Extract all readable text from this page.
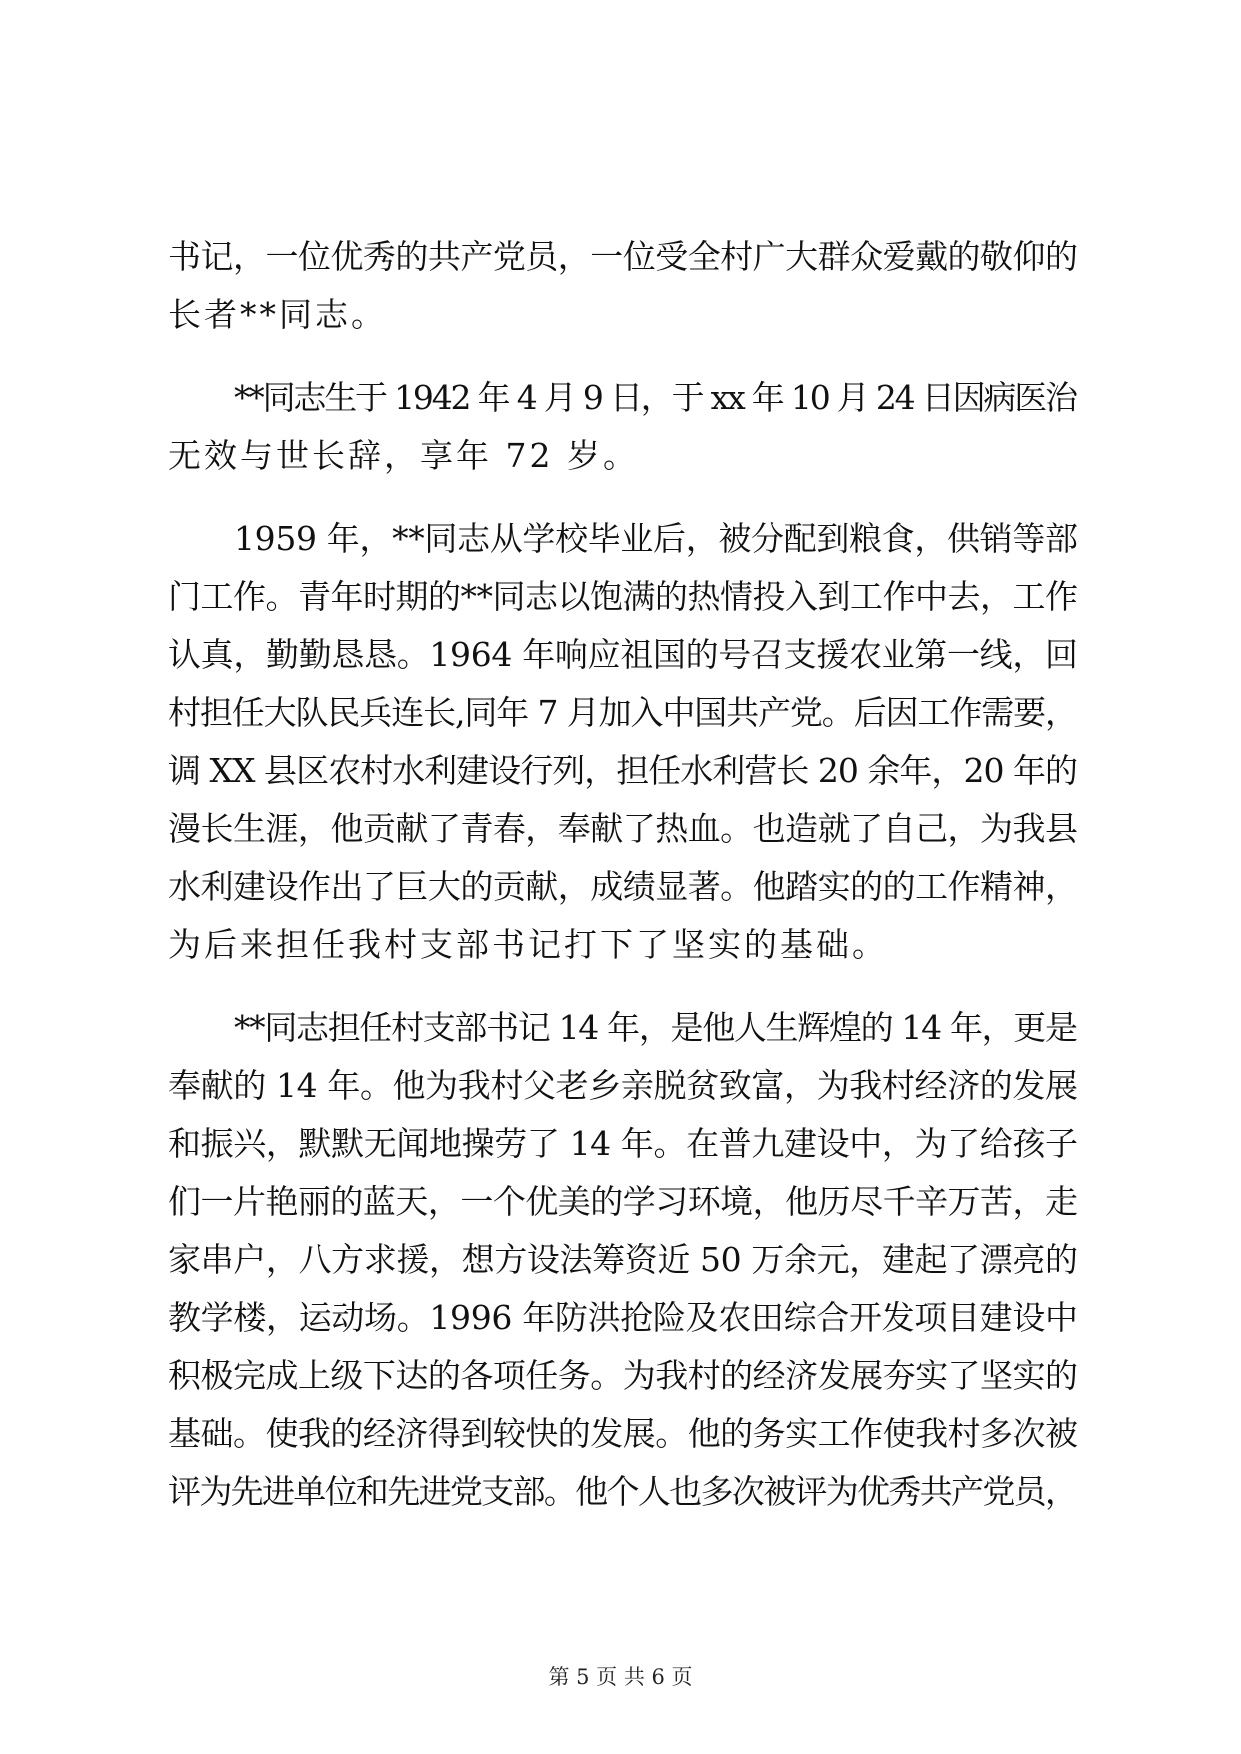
书记，一位优秀的共产党员，一位受全村广大群众爱戴的敬仰的
长者**同志。
**同志生于 1942 年 4 月 9 日，于 xx 年 10 月 24 日因病医治
无效与世长辞，享年 72 岁。
1959 年，**同志从学校毕业后，被分配到粮食，供销等部
门工作。青年时期的**同志以饱满的热情投入到工作中去，工作
认真，勤勤恳恳。1964 年响应祖国的号召支援农业第一线，回
村担任大队民兵连长,同年 7 月加入中国共产党。后因工作需要，
调 XX 县区农村水利建设行列，担任水利营长 20 余年，20 年的
漫长生涯，他贡献了青春，奉献了热血。也造就了自己，为我县
水利建设作出了巨大的贡献，成绩显著。他踏实的的工作精神，
为后来担任我村支部书记打下了坚实的基础。
**同志担任村支部书记 14 年，是他人生辉煌的 14 年，更是
奉献的 14 年。他为我村父老乡亲脱贫致富，为我村经济的发展
和振兴，默默无闻地操劳了 14 年。在普九建设中，为了给孩子
们一片艳丽的蓝天，一个优美的学习环境，他历尽千辛万苦，走
家串户，八方求援，想方设法筹资近 50 万余元，建起了漂亮的
教学楼，运动场。1996 年防洪抢险及农田综合开发项目建设中
积极完成上级下达的各项任务。为我村的经济发展夯实了坚实的
基础。使我的经济得到较快的发展。他的务实工作使我村多次被
评为先进单位和先进党支部。他个人也多次被评为优秀共产党员，
第 5 页 共 6 页
